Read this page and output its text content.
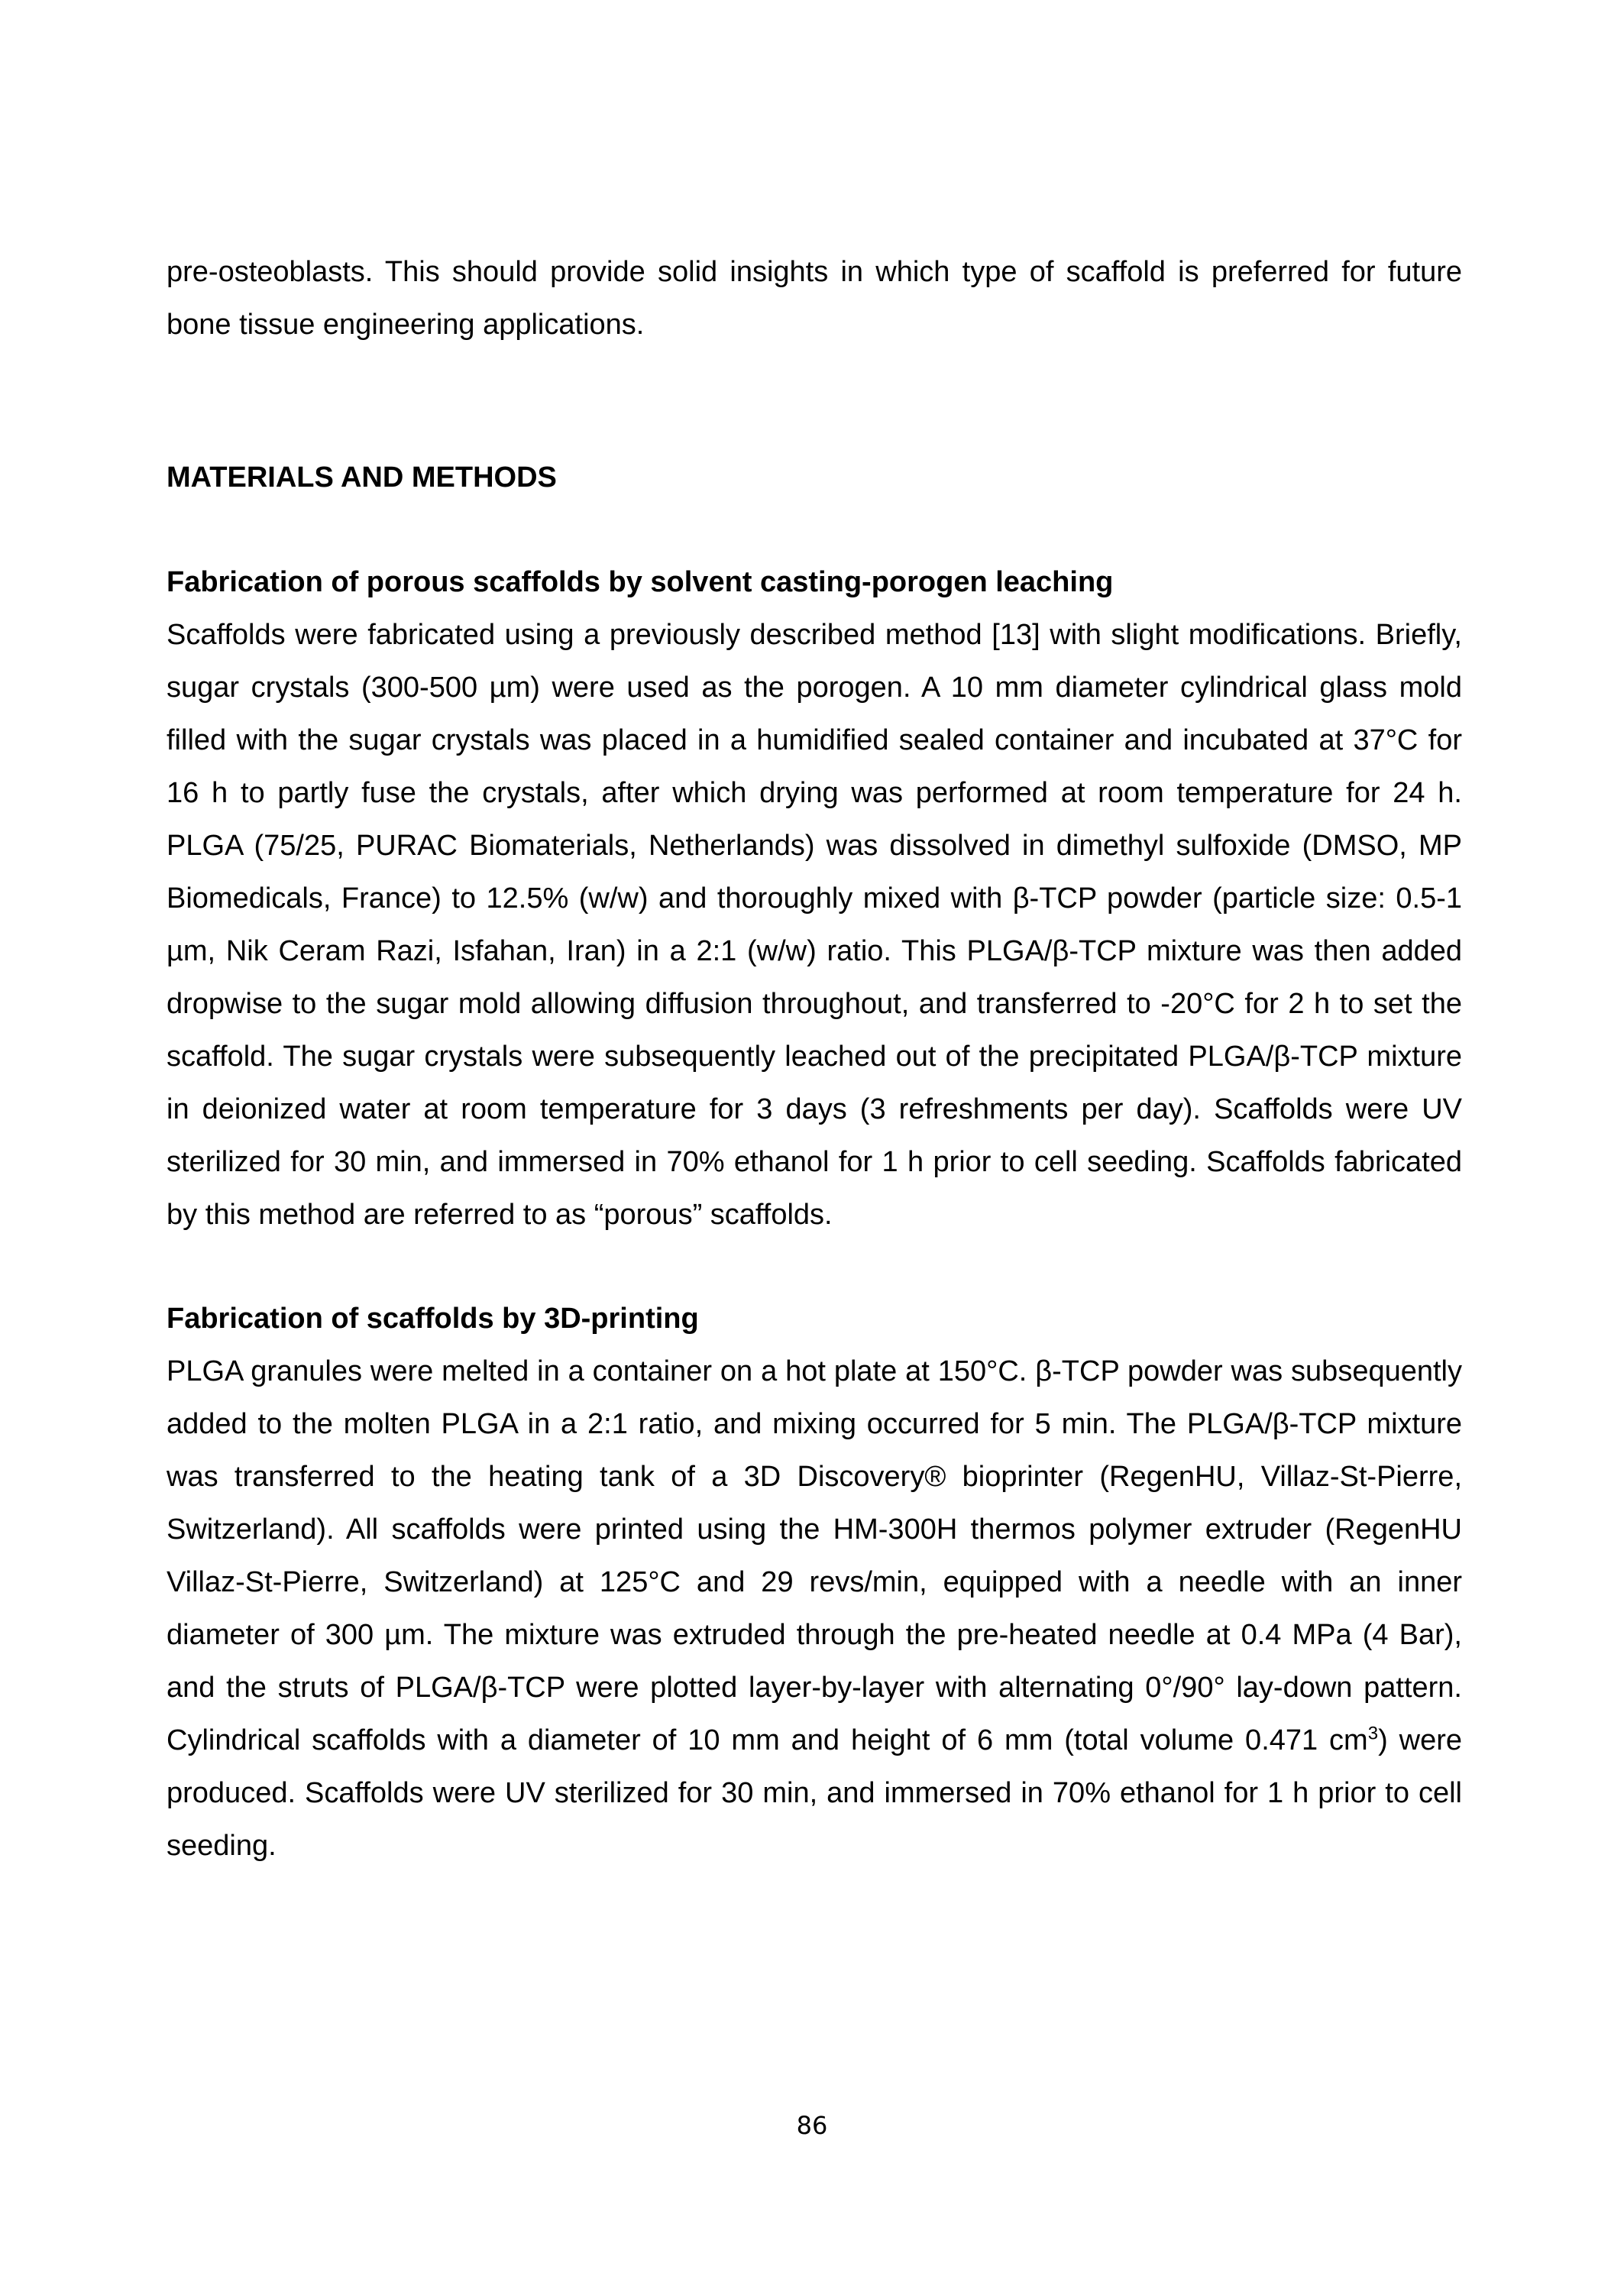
pre-osteoblasts. This should provide solid insights in which type of scaffold is preferred for future bone tissue engineering applications.

MATERIALS AND METHODS
Fabrication of porous scaffolds by solvent casting-porogen leaching

Scaffolds were fabricated using a previously described method [13] with slight modifications. Briefly, sugar crystals (300-500 µm) were used as the porogen. A 10 mm diameter cylindrical glass mold filled with the sugar crystals was placed in a humidified sealed container and incubated at 37°C for 16 h to partly fuse the crystals, after which drying was performed at room temperature for 24 h. PLGA (75/25, PURAC Biomaterials, Netherlands) was dissolved in dimethyl sulfoxide (DMSO, MP Biomedicals, France) to 12.5% (w/w) and thoroughly mixed with β-TCP powder (particle size: 0.5-1 µm, Nik Ceram Razi, Isfahan, Iran) in a 2:1 (w/w) ratio. This PLGA/β-TCP mixture was then added dropwise to the sugar mold allowing diffusion throughout, and transferred to -20°C for 2 h to set the scaffold. The sugar crystals were subsequently leached out of the precipitated PLGA/β-TCP mixture in deionized water at room temperature for 3 days (3 refreshments per day). Scaffolds were UV sterilized for 30 min, and immersed in 70% ethanol for 1 h prior to cell seeding. Scaffolds fabricated by this method are referred to as “porous” scaffolds.

Fabrication of scaffolds by 3D-printing

PLGA granules were melted in a container on a hot plate at 150°C. β-TCP powder was subsequently added to the molten PLGA in a 2:1 ratio, and mixing occurred for 5 min. The PLGA/β-TCP mixture was transferred to the heating tank of a 3D Discovery® bioprinter (RegenHU, Villaz-St-Pierre, Switzerland). All scaffolds were printed using the HM-300H thermos polymer extruder (RegenHU Villaz-St-Pierre, Switzerland) at 125°C and 29 revs/min, equipped with a needle with an inner diameter of 300 µm. The mixture was extruded through the pre-heated needle at 0.4 MPa (4 Bar), and the struts of PLGA/β-TCP were plotted layer-by-layer with alternating 0°/90° lay-down pattern. Cylindrical scaffolds with a diameter of 10 mm and height of 6 mm (total volume 0.471 $cm^3$) were produced. Scaffolds were UV sterilized for 30 min, and immersed in 70% ethanol for 1 h prior to cell seeding.

86
